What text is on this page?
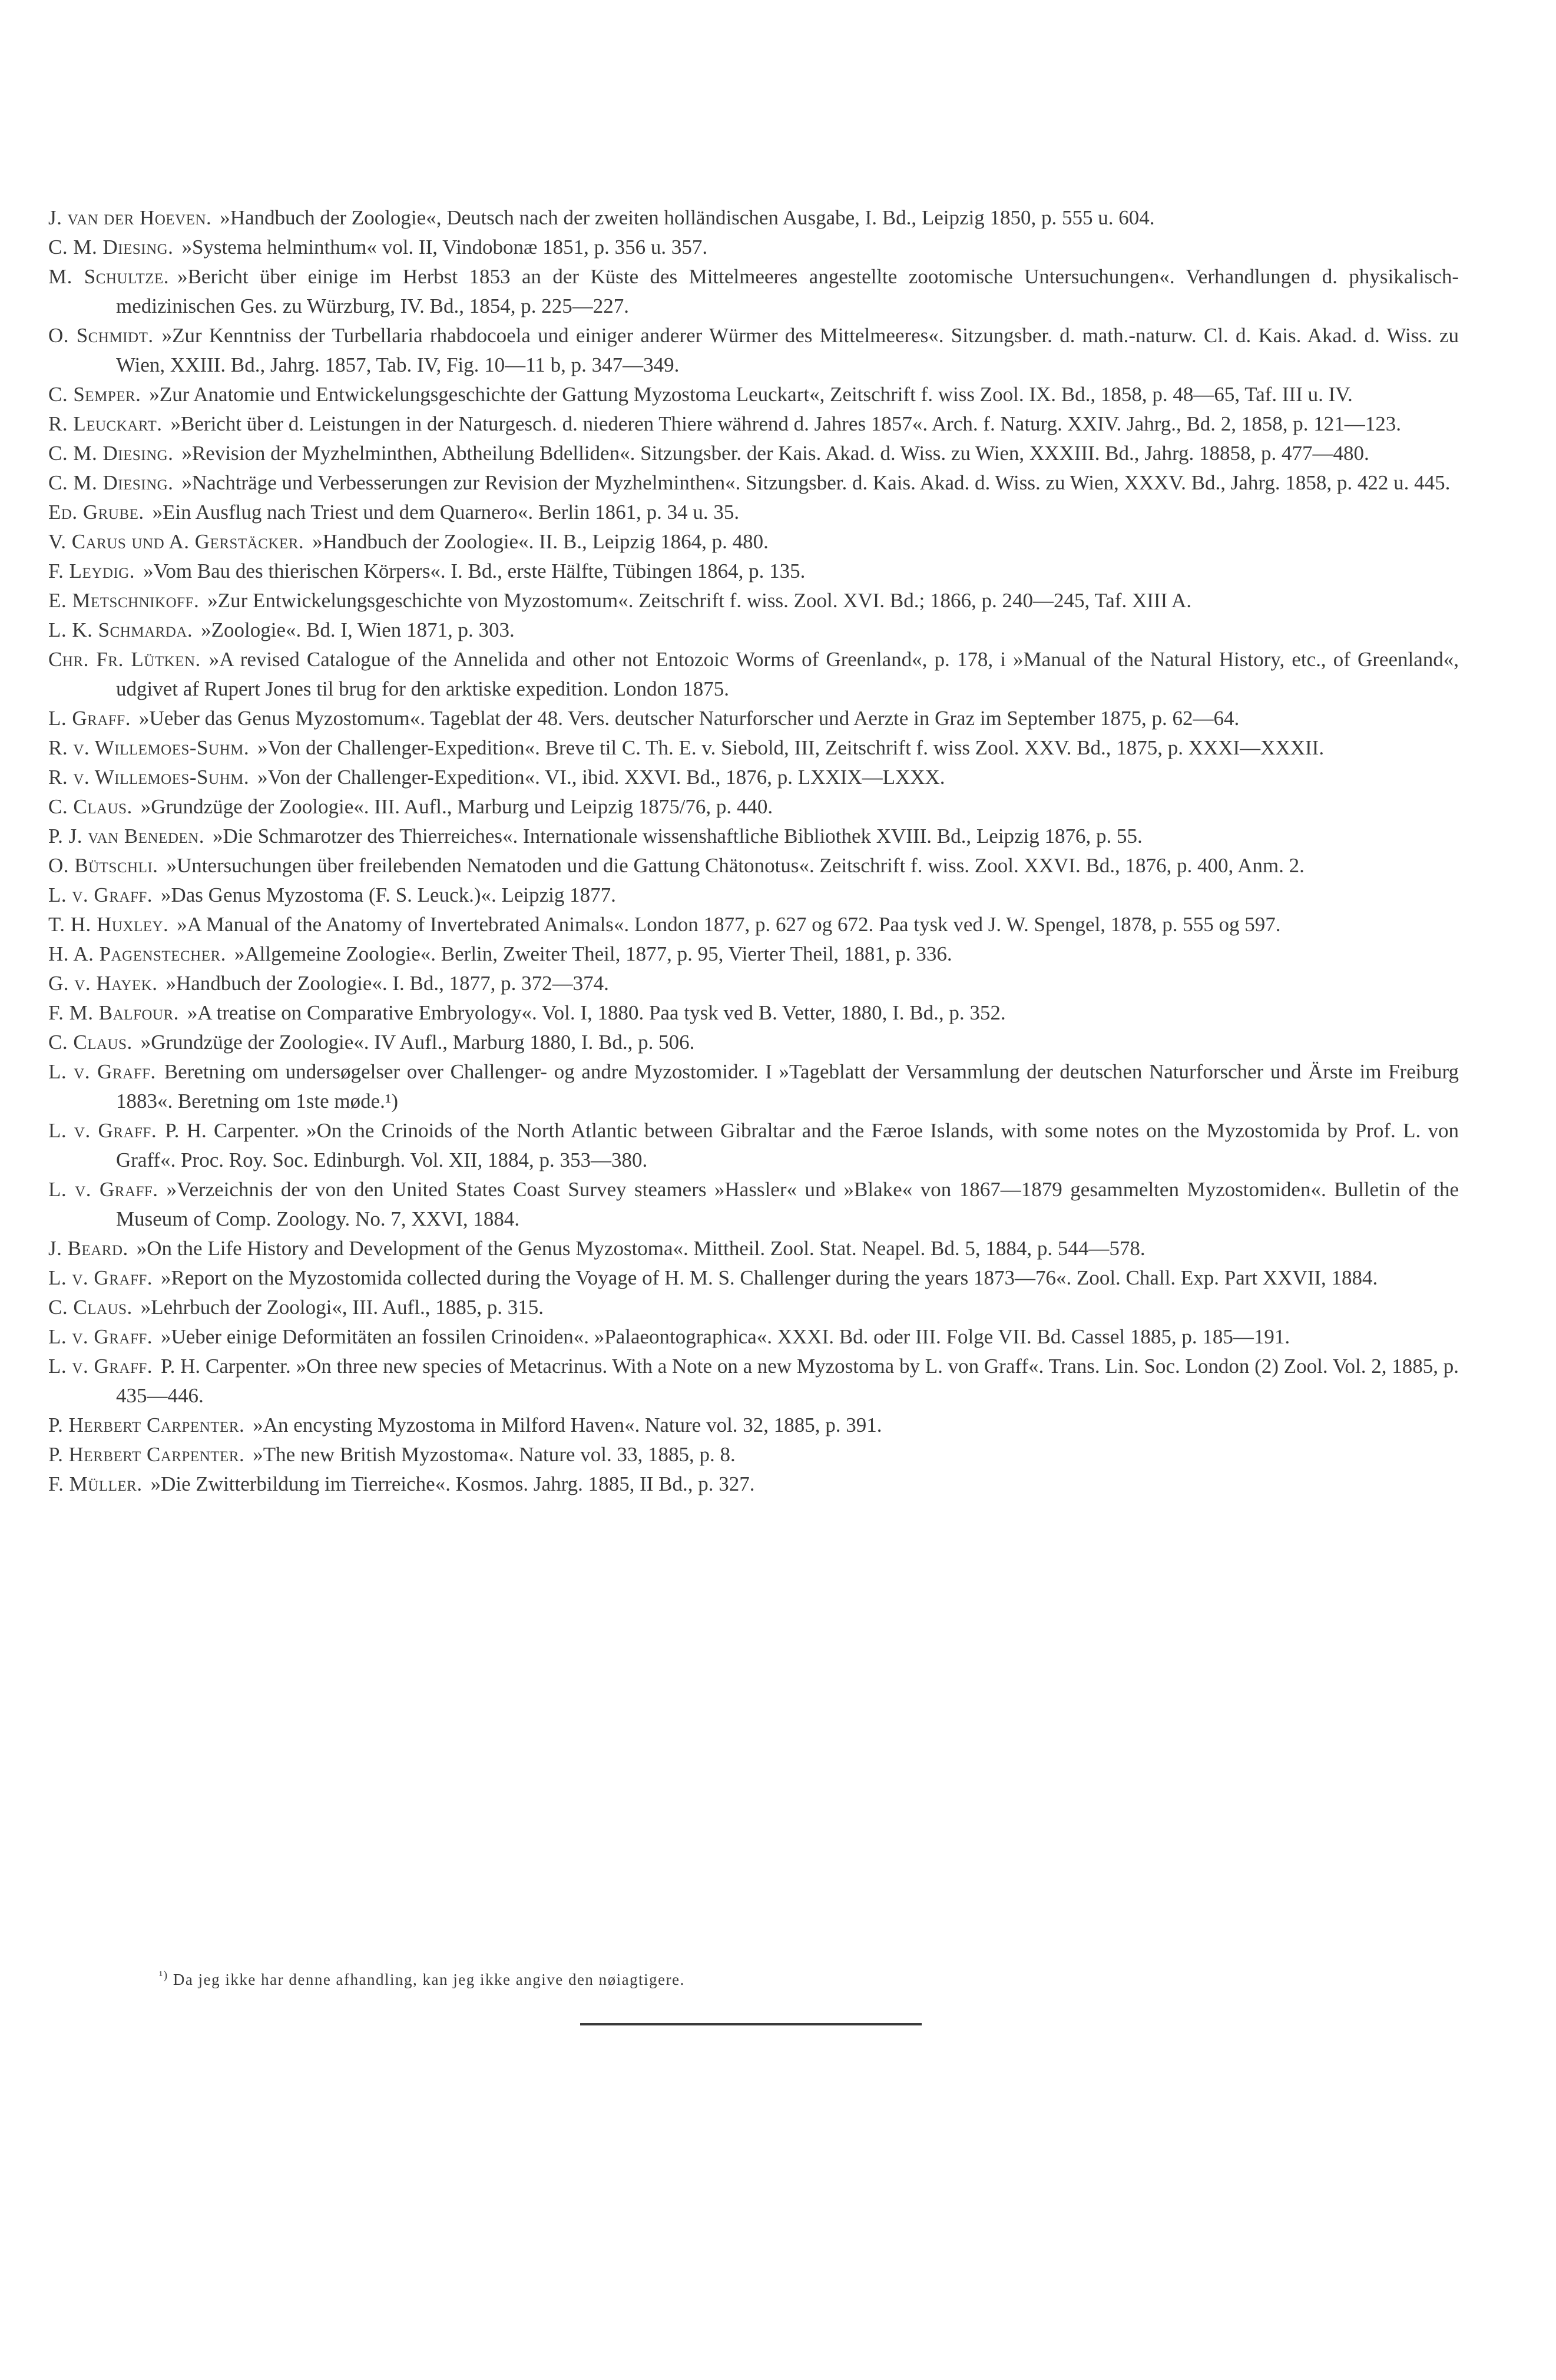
J. van der Hoeven. »Handbuch der Zoologie«, Deutsch nach der zweiten holländischen Ausgabe, I. Bd., Leipzig 1850, p. 555 u. 604.
C. M. Diesing. »Systema helminthum« vol. II, Vindobonæ 1851, p. 356 u. 357.
M. Schultze. »Bericht über einige im Herbst 1853 an der Küste des Mittelmeeres angestellte zootomische Untersuchungen«. Verhandlungen d. physikalisch-medizinischen Ges. zu Würzburg, IV. Bd., 1854, p. 225—227.
O. Schmidt. »Zur Kenntniss der Turbellaria rhabdocoela und einiger anderer Würmer des Mittelmeeres«. Sitzungsber. d. math.-naturw. Cl. d. Kais. Akad. d. Wiss. zu Wien, XXIII. Bd., Jahrg. 1857, Tab. IV, Fig. 10—11 b, p. 347—349.
C. Semper. »Zur Anatomie und Entwickelungsgeschichte der Gattung Myzostoma Leuckart«, Zeitschrift f. wiss Zool. IX. Bd., 1858, p. 48—65, Taf. III u. IV.
R. Leuckart. »Bericht über d. Leistungen in der Naturgesch. d. niederen Thiere während d. Jahres 1857«. Arch. f. Naturg. XXIV. Jahrg., Bd. 2, 1858, p. 121—123.
C. M. Diesing. »Revision der Myzhelminthen, Abtheilung Bdelliden«. Sitzungsber. der Kais. Akad. d. Wiss. zu Wien, XXXIII. Bd., Jahrg. 18858, p. 477—480.
C. M. Diesing. »Nachträge und Verbesserungen zur Revision der Myzhelminthen«. Sitzungsber. d. Kais. Akad. d. Wiss. zu Wien, XXXV. Bd., Jahrg. 1858, p. 422 u. 445.
Ed. Grube. »Ein Ausflug nach Triest und dem Quarnero«. Berlin 1861, p. 34 u. 35.
V. Carus und A. Gerstäcker. »Handbuch der Zoologie«. II. B., Leipzig 1864, p. 480.
F. Leydig. »Vom Bau des thierischen Körpers«. I. Bd., erste Hälfte, Tübingen 1864, p. 135.
E. Metschnikoff. »Zur Entwickelungsgeschichte von Myzostomum«. Zeitschrift f. wiss. Zool. XVI. Bd.; 1866, p. 240—245, Taf. XIII A.
L. K. Schmarda. »Zoologie«. Bd. I, Wien 1871, p. 303.
Chr. Fr. Lütken. »A revised Catalogue of the Annelida and other not Entozoic Worms of Greenland«, p. 178, i »Manual of the Natural History, etc., of Greenland«, udgivet af Rupert Jones til brug for den arktiske expedition. London 1875.
L. Graff. »Ueber das Genus Myzostomum«. Tageblat der 48. Vers. deutscher Naturforscher und Aerzte in Graz im September 1875, p. 62—64.
R. v. Willemoes-Suhm. »Von der Challenger-Expedition«. Breve til C. Th. E. v. Siebold, III, Zeitschrift f. wiss Zool. XXV. Bd., 1875, p. XXXI—XXXII.
R. v. Willemoes-Suhm. »Von der Challenger-Expedition«. VI., ibid. XXVI. Bd., 1876, p. LXXIX—LXXX.
C. Claus. »Grundzüge der Zoologie«. III. Aufl., Marburg und Leipzig 1875/76, p. 440.
P. J. van Beneden. »Die Schmarotzer des Thierreiches«. Internationale wissenshaftliche Bibliothek XVIII. Bd., Leipzig 1876, p. 55.
O. Bütschli. »Untersuchungen über freilebenden Nematoden und die Gattung Chätonotus«. Zeitschrift f. wiss. Zool. XXVI. Bd., 1876, p. 400, Anm. 2.
L. v. Graff. »Das Genus Myzostoma (F. S. Leuck.)«. Leipzig 1877.
T. H. Huxley. »A Manual of the Anatomy of Invertebrated Animals«. London 1877, p. 627 og 672. Paa tysk ved J. W. Spengel, 1878, p. 555 og 597.
H. A. Pagenstecher. »Allgemeine Zoologie«. Berlin, Zweiter Theil, 1877, p. 95, Vierter Theil, 1881, p. 336.
G. v. Hayek. »Handbuch der Zoologie«. I. Bd., 1877, p. 372—374.
F. M. Balfour. »A treatise on Comparative Embryology«. Vol. I, 1880. Paa tysk ved B. Vetter, 1880, I. Bd., p. 352.
C. Claus. »Grundzüge der Zoologie«. IV Aufl., Marburg 1880, I. Bd., p. 506.
L. v. Graff. Beretning om undersøgelser over Challenger- og andre Myzostomider. I »Tageblatt der Versammlung der deutschen Naturforscher und Ärste im Freiburg 1883«. Beretning om 1ste møde.¹)
L. v. Graff. P. H. Carpenter. »On the Crinoids of the North Atlantic between Gibraltar and the Færoe Islands, with some notes on the Myzostomida by Prof. L. von Graff«. Proc. Roy. Soc. Edinburgh. Vol. XII, 1884, p. 353—380.
L. v. Graff. »Verzeichnis der von den United States Coast Survey steamers »Hassler« und »Blake« von 1867—1879 gesammelten Myzostomiden«. Bulletin of the Museum of Comp. Zoology. No. 7, XXVI, 1884.
J. Beard. »On the Life History and Development of the Genus Myzostoma«. Mittheil. Zool. Stat. Neapel. Bd. 5, 1884, p. 544—578.
L. v. Graff. »Report on the Myzostomida collected during the Voyage of H. M. S. Challenger during the years 1873—76«. Zool. Chall. Exp. Part XXVII, 1884.
C. Claus. »Lehrbuch der Zoologi«, III. Aufl., 1885, p. 315.
L. v. Graff. »Ueber einige Deformitäten an fossilen Crinoiden«. »Palaeontographica«. XXXI. Bd. oder III. Folge VII. Bd. Cassel 1885, p. 185—191.
L. v. Graff. P. H. Carpenter. »On three new species of Metacrinus. With a Note on a new Myzostoma by L. von Graff«. Trans. Lin. Soc. London (2) Zool. Vol. 2, 1885, p. 435—446.
P. Herbert Carpenter. »An encysting Myzostoma in Milford Haven«. Nature vol. 32, 1885, p. 391.
P. Herbert Carpenter. »The new British Myzostoma«. Nature vol. 33, 1885, p. 8.
F. Müller. »Die Zwitterbildung im Tierreiche«. Kosmos. Jahrg. 1885, II Bd., p. 327.

$^{^1)}$ Da jeg ikke har denne afhandling, kan jeg ikke angive den nøiagtigere.
